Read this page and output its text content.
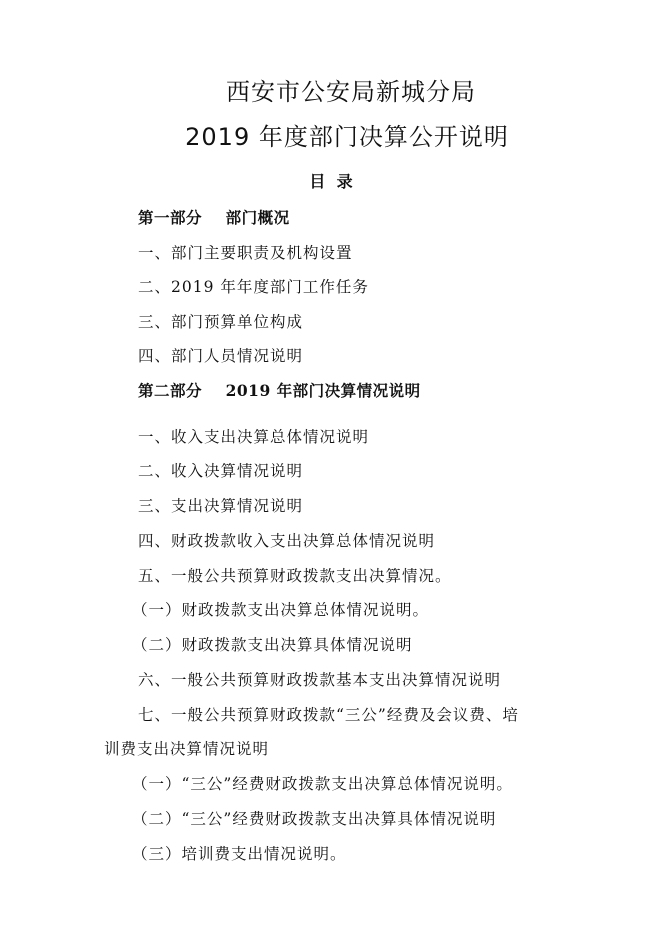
西安市公安局新城分局
2019 年度部门决算公开说明
目  录
第一部分    部门概况
一、部门主要职责及机构设置
二、2019 年年度部门工作任务
三、部门预算单位构成
四、部门人员情况说明
第二部分    2019 年部门决算情况说明
一、收入支出决算总体情况说明
二、收入决算情况说明
三、支出决算情况说明
四、财政拨款收入支出决算总体情况说明
五、一般公共预算财政拨款支出决算情况。
（一）财政拨款支出决算总体情况说明。
（二）财政拨款支出决算具体情况说明
六、一般公共预算财政拨款基本支出决算情况说明
七、一般公共预算财政拨款“三公”经费及会议费、培
训费支出决算情况说明
（一）“三公”经费财政拨款支出决算总体情况说明。
（二）“三公”经费财政拨款支出决算具体情况说明
（三）培训费支出情况说明。
